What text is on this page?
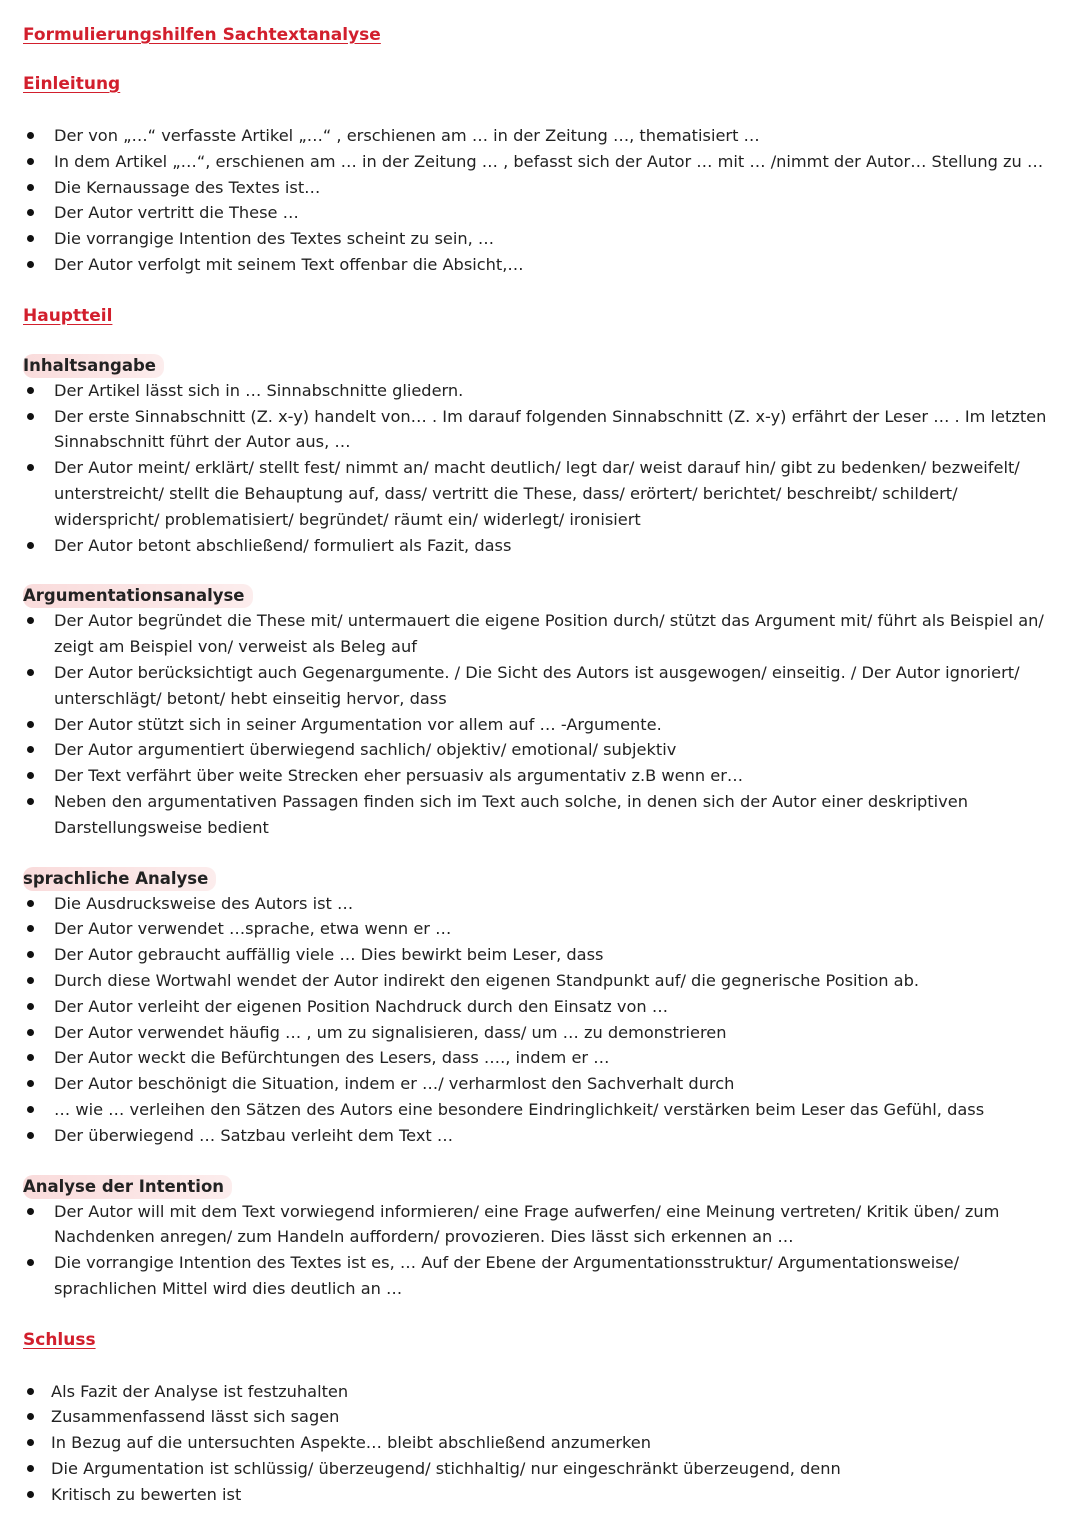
Formulierungshilfen Sachtextanalyse
Einleitung
Der von „…“ verfasste Artikel „…“ , erschienen am … in der Zeitung …, thematisiert …
In dem Artikel „…“, erschienen am … in der Zeitung … , befasst sich der Autor … mit … /nimmt der Autor… Stellung zu …
Die Kernaussage des Textes ist…
Der Autor vertritt die These …
Die vorrangige Intention des Textes scheint zu sein, …
Der Autor verfolgt mit seinem Text offenbar die Absicht,…
Hauptteil
Inhaltsangabe
Der Artikel lässt sich in … Sinnabschnitte gliedern.
Der erste Sinnabschnitt (Z. x-y) handelt von… . Im darauf folgenden Sinnabschnitt (Z. x-y) erfährt der Leser … . Im letzten Sinnabschnitt führt der Autor aus, …
Der Autor meint/ erklärt/ stellt fest/ nimmt an/ macht deutlich/ legt dar/ weist darauf hin/ gibt zu bedenken/ bezweifelt/ unterstreicht/ stellt die Behauptung auf, dass/ vertritt die These, dass/ erörtert/ berichtet/ beschreibt/ schildert/ widerspricht/ problematisiert/ begründet/ räumt ein/ widerlegt/ ironisiert
Der Autor betont abschließend/ formuliert als Fazit, dass
Argumentationsanalyse
Der Autor begründet die These mit/ untermauert die eigene Position durch/ stützt das Argument mit/ führt als Beispiel an/ zeigt am Beispiel von/ verweist als Beleg auf
Der Autor berücksichtigt auch Gegenargumente. / Die Sicht des Autors ist ausgewogen/ einseitig. / Der Autor ignoriert/ unterschlägt/ betont/ hebt einseitig hervor, dass
Der Autor stützt sich in seiner Argumentation vor allem auf … -Argumente.
Der Autor argumentiert überwiegend sachlich/ objektiv/ emotional/ subjektiv
Der Text verfährt über weite Strecken eher persuasiv als argumentativ z.B wenn er…
Neben den argumentativen Passagen finden sich im Text auch solche, in denen sich der Autor einer deskriptiven Darstellungsweise bedient
sprachliche Analyse
Die Ausdrucksweise des Autors ist …
Der Autor verwendet …sprache, etwa wenn er …
Der Autor gebraucht auffällig viele … Dies bewirkt beim Leser, dass
Durch diese Wortwahl wendet der Autor indirekt den eigenen Standpunkt auf/ die gegnerische Position ab.
Der Autor verleiht der eigenen Position Nachdruck durch den Einsatz von …
Der Autor verwendet häufig … , um zu signalisieren, dass/ um … zu demonstrieren
Der Autor weckt die Befürchtungen des Lesers, dass …., indem er …
Der Autor beschönigt die Situation, indem er …/ verharmlost den Sachverhalt durch
… wie … verleihen den Sätzen des Autors eine besondere Eindringlichkeit/ verstärken beim Leser das Gefühl, dass
Der überwiegend … Satzbau verleiht dem Text …
Analyse der Intention
Der Autor will mit dem Text vorwiegend informieren/ eine Frage aufwerfen/ eine Meinung vertreten/ Kritik üben/ zum Nachdenken anregen/ zum Handeln auffordern/ provozieren. Dies lässt sich erkennen an …
Die vorrangige Intention des Textes ist es, … Auf der Ebene der Argumentationsstruktur/ Argumentationsweise/ sprachlichen Mittel wird dies deutlich an …
Schluss
Als Fazit der Analyse ist festzuhalten
Zusammenfassend lässt sich sagen
In Bezug auf die untersuchten Aspekte… bleibt abschließend anzumerken
Die Argumentation ist schlüssig/ überzeugend/ stichhaltig/ nur eingeschränkt überzeugend, denn
Kritisch zu bewerten ist
